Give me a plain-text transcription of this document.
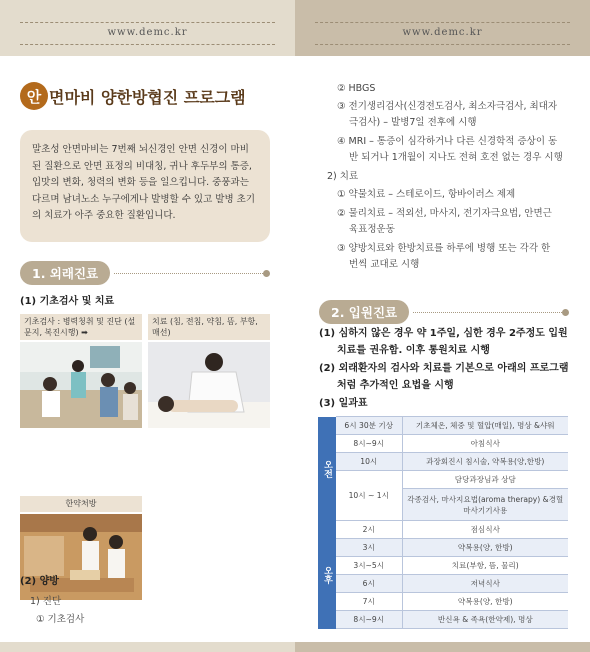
www.demc.kr	www.demc.kr
안 면마비 양한방협진 프로그램
말초성 안면마비는 7번째 뇌신경인 안면 신경이 마비된 질환으로 안면 표정의 비대칭, 귀나 후두부의 통증, 입맛의 변화, 청력의 변화 등을 일으킵니다. 중풍과는 다르며 남녀노소 누구에게나 발병할 수 있고 발병 초기의 치료가 아주 중요한 질환입니다.
1. 외래진료
(1) 기초검사 및 치료
기초검사 : 병력청취 및 진단 (설문지, 복진시행) ➡
치료 (침, 전침, 약침, 뜸, 부항, 매선)
한약처방
(2) 양방
1) 진단
① 기초검사
② HBGS
③ 전기생리검사(신경전도검사, 최소자극검사, 최대자
극검사) – 발병7일 전후에 시행
④ MRI – 통증이 심각하거나 다른 신경학적 증상이 동
반 되거나 1개월이 지나도 전혀 호전 없는 경우 시행
2) 치료
① 약물치료 – 스테로이드, 항바이러스 제제
② 물리치료 – 적외선, 마사지, 전기자극요법, 안면근
육표정운동
③ 양방치료와 한방치료를 하루에 병행 또는 각각 한
번씩 교대로 시행
2. 입원진료
(1) 심하지 않은 경우 약 1주일, 심한 경우 2주정도 입원
치료를 권유함. 이후 통원치료 시행
(2) 외래환자의 검사와 치료를 기본으로 아래의 프로그램
처럼 추가적인 요법을 시행
(3) 일과표
오전	6시 30분 기상	기초체온, 체중 및 혈압(매일), 명상 &샤워
	8시~9시	아침식사
	10시	과장회진시 침시술, 약복용(양,한방)
	10시 ~ 1시	담당과장님과 상담
		각종검사, 마사지요법(aroma therapy) &경혈마사기기사용
오후	2시	점심식사
	3시	약복용(양, 한방)
	3시~5시	치료(부항, 뜸, 물리)
	6시	저녁식사
	7시	약복용(양, 한방)
	8시~9시	반신욕 & 족욕(한약제), 명상
